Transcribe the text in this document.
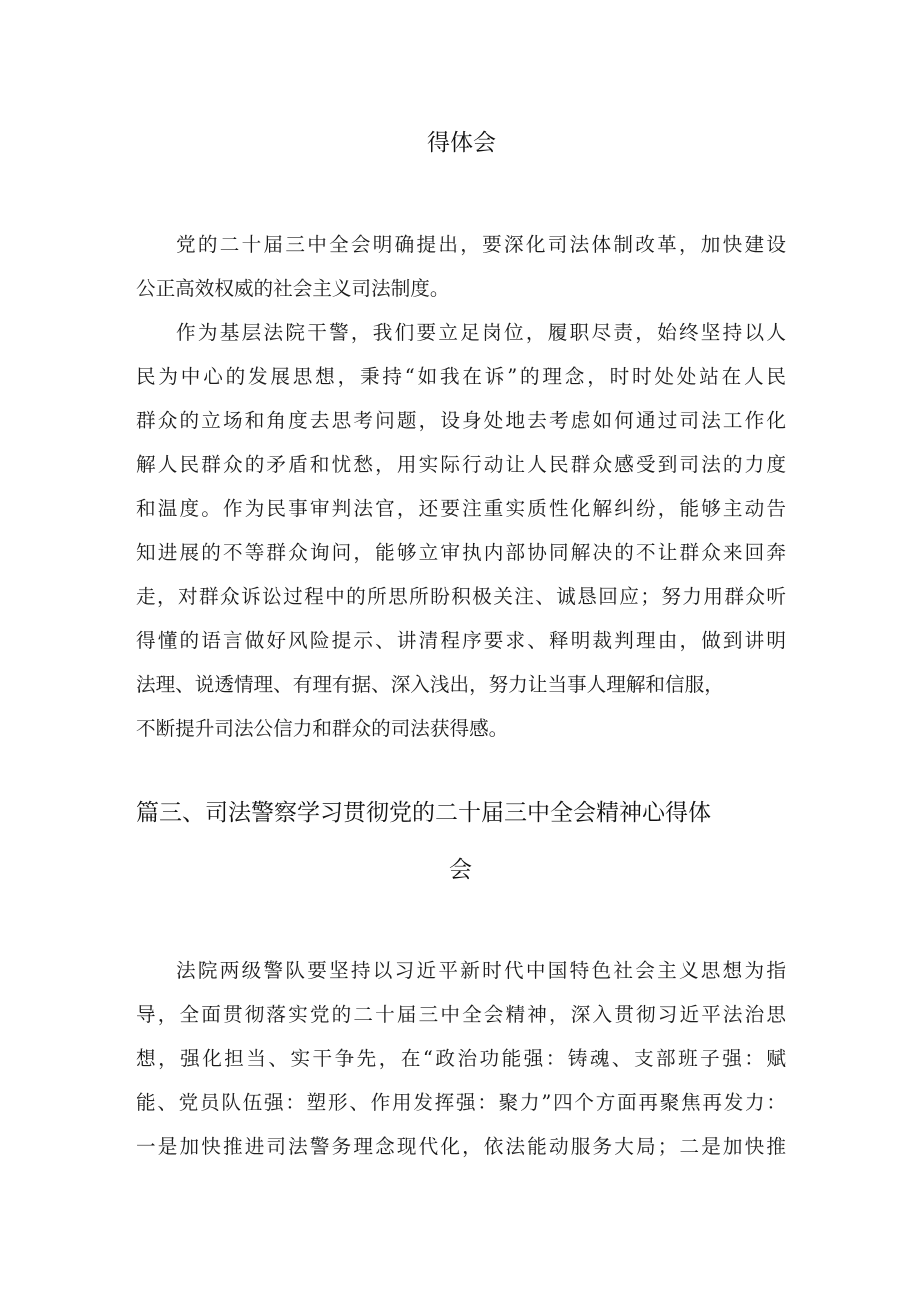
得体会
党的二十届三中全会明确提出，要深化司法体制改革，加快建设
公正高效权威的社会主义司法制度。
作为基层法院干警，我们要立足岗位，履职尽责，始终坚持以人
民为中心的发展思想，秉持“如我在诉”的理念，时时处处站在人民
群众的立场和角度去思考问题，设身处地去考虑如何通过司法工作化
解人民群众的矛盾和忧愁，用实际行动让人民群众感受到司法的力度
和温度。作为民事审判法官，还要注重实质性化解纠纷，能够主动告
知进展的不等群众询问，能够立审执内部协同解决的不让群众来回奔
走，对群众诉讼过程中的所思所盼积极关注、诚恳回应；努力用群众听
得懂的语言做好风险提示、讲清程序要求、释明裁判理由，做到讲明
法理、说透情理、有理有据、深入浅出，努力让当事人理解和信服，
不断提升司法公信力和群众的司法获得感。
篇三、司法警察学习贯彻党的二十届三中全会精神心得体
会
法院两级警队要坚持以习近平新时代中国特色社会主义思想为指
导，全面贯彻落实党的二十届三中全会精神，深入贯彻习近平法治思
想，强化担当、实干争先，在“政治功能强：铸魂、支部班子强：赋
能、党员队伍强：塑形、作用发挥强：聚力”四个方面再聚焦再发力：
一是加快推进司法警务理念现代化，依法能动服务大局；二是加快推
